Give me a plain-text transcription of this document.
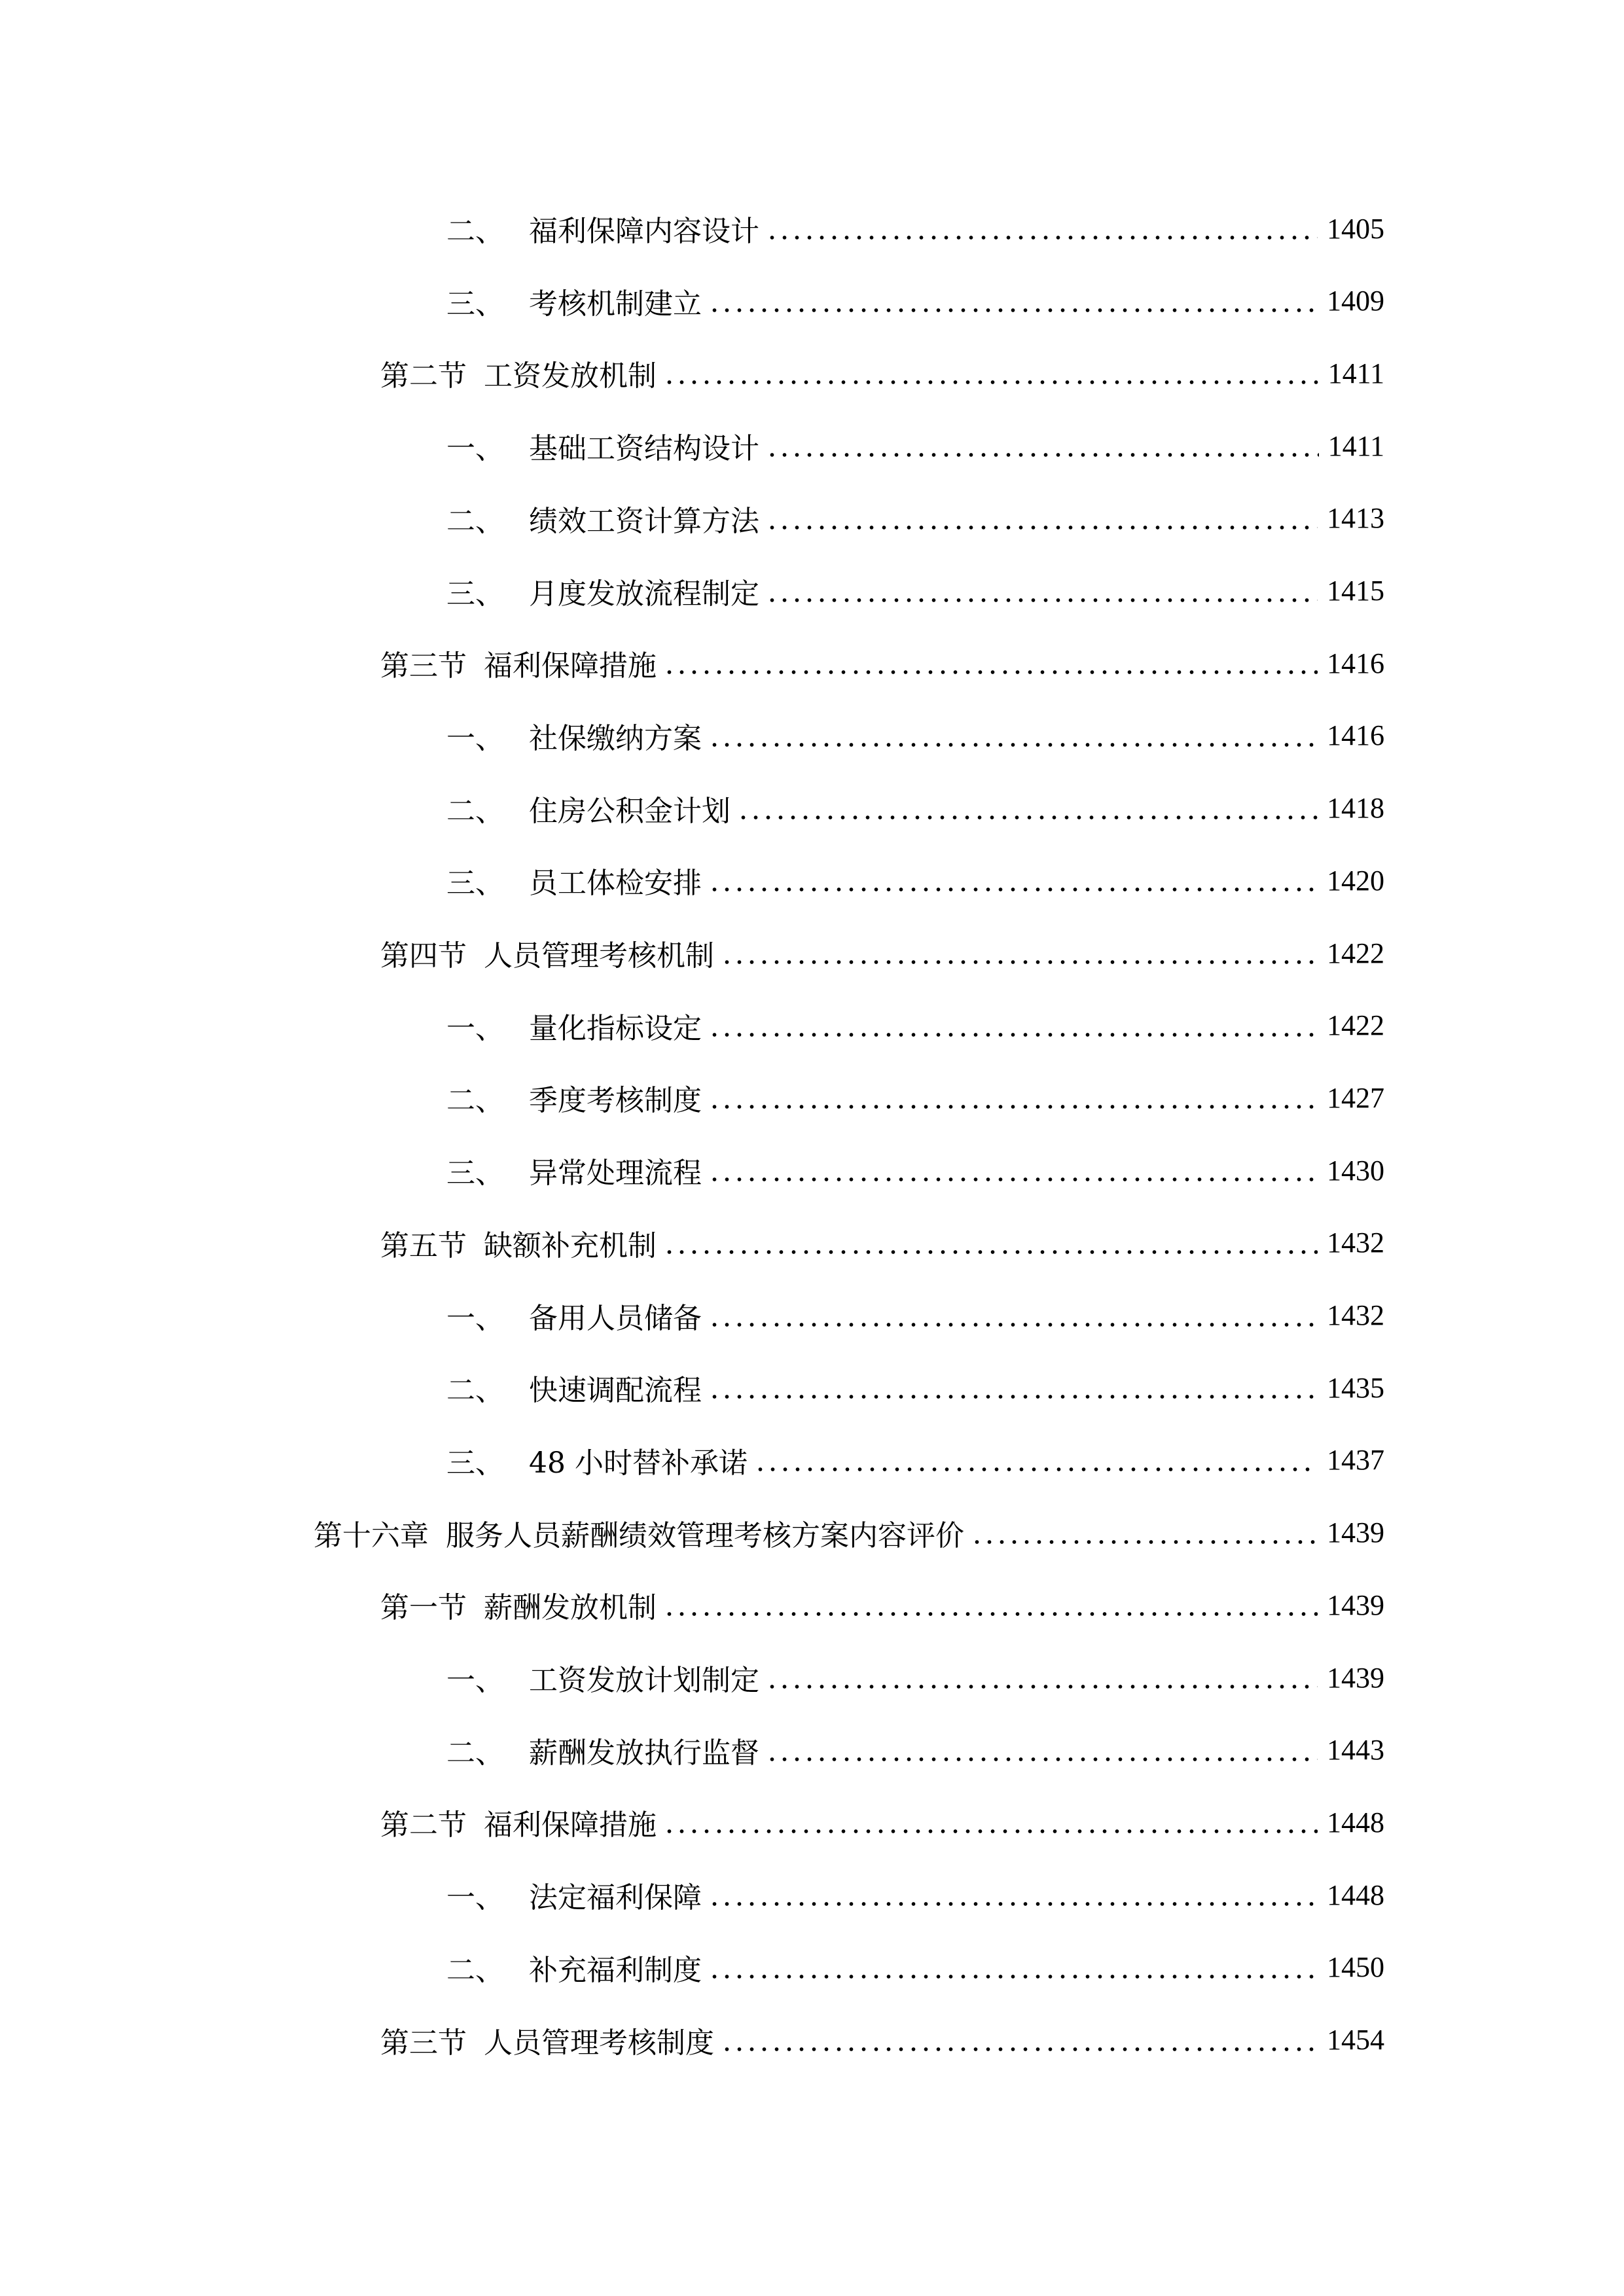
二、 福利保障内容设计	1405
三、 考核机制建立	1409
第二节 工资发放机制	1411
一、 基础工资结构设计	1411
二、 绩效工资计算方法	1413
三、 月度发放流程制定	1415
第三节 福利保障措施	1416
一、 社保缴纳方案	1416
二、 住房公积金计划	1418
三、 员工体检安排	1420
第四节 人员管理考核机制	1422
一、 量化指标设定	1422
二、 季度考核制度	1427
三、 异常处理流程	1430
第五节 缺额补充机制	1432
一、 备用人员储备	1432
二、 快速调配流程	1435
三、 48 小时替补承诺	1437
第十六章 服务人员薪酬绩效管理考核方案内容评价	1439
第一节 薪酬发放机制	1439
一、 工资发放计划制定	1439
二、 薪酬发放执行监督	1443
第二节 福利保障措施	1448
一、 法定福利保障	1448
二、 补充福利制度	1450
第三节 人员管理考核制度	1454
